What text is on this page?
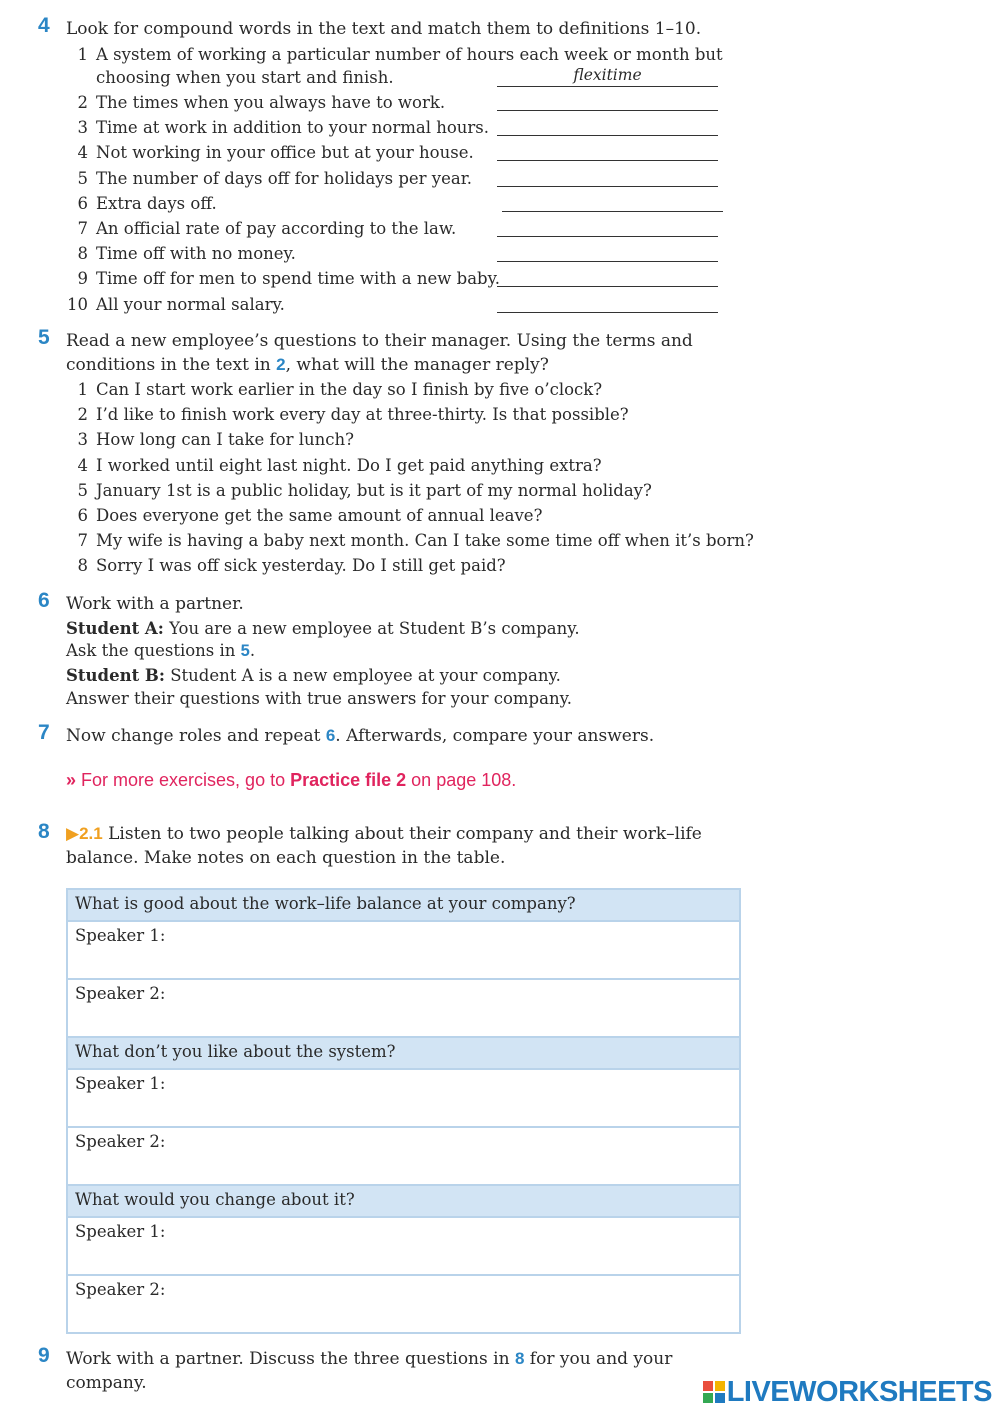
4 Look for compound words in the text and match them to definitions 1–10.
1 A system of working a particular number of hours each week or month but
choosing when you start and finish.	flexitime
2 The times when you always have to work.
3 Time at work in addition to your normal hours.
4 Not working in your office but at your house.
5 The number of days off for holidays per year.
6 Extra days off.
7 An official rate of pay according to the law.
8 Time off with no money.
9 Time off for men to spend time with a new baby.
10 All your normal salary.
5 Read a new employee’s questions to their manager. Using the terms and
conditions in the text in 2, what will the manager reply?
1 Can I start work earlier in the day so I finish by five o’clock?
2 I’d like to finish work every day at three-thirty. Is that possible?
3 How long can I take for lunch?
4 I worked until eight last night. Do I get paid anything extra?
5 January 1st is a public holiday, but is it part of my normal holiday?
6 Does everyone get the same amount of annual leave?
7 My wife is having a baby next month. Can I take some time off when it’s born?
8 Sorry I was off sick yesterday. Do I still get paid?
6 Work with a partner.
Student A: You are a new employee at Student B’s company.
Ask the questions in 5.
Student B: Student A is a new employee at your company.
Answer their questions with true answers for your company.
7 Now change roles and repeat 6. Afterwards, compare your answers.
» For more exercises, go to Practice file 2 on page 108.
8 ▶2.1 Listen to two people talking about their company and their work–life
balance. Make notes on each question in the table.
What is good about the work–life balance at your company?
Speaker 1:
Speaker 2:
What don’t you like about the system?
Speaker 1:
Speaker 2:
What would you change about it?
Speaker 1:
Speaker 2:
9 Work with a partner. Discuss the three questions in 8 for you and your
company.	LIVEWORKSHEETS
